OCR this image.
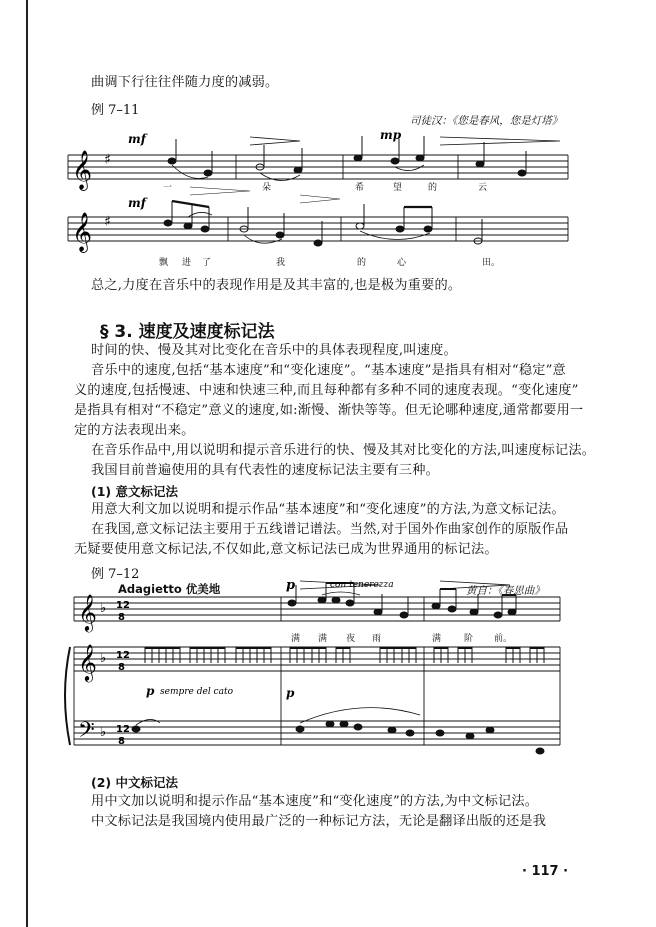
曲调下行往往伴随力度的减弱。
例 7–11
司徒汉：《您是春风，您是灯塔》
𝄞
𝄞
♯
♯
mf	mp
mf
一	朵	希	望	的	云
飘 进 了	我	的	心	田。
总之,力度在音乐中的表现作用是及其丰富的,也是极为重要的。
§ 3. 速度及速度标记法
时间的快、慢及其对比变化在音乐中的具体表现程度,叫速度。
音乐中的速度,包括“基本速度”和“变化速度”。“基本速度”是指具有相对“稳定”意
义的速度,包括慢速、中速和快速三种,而且每种都有多种不同的速度表现。“变化速度”
是指具有相对“不稳定”意义的速度,如:渐慢、渐快等等。但无论哪种速度,通常都要用一
定的方法表现出来。
在音乐作品中,用以说明和提示音乐进行的快、慢及其对比变化的方法,叫速度标记法。
我国目前普遍使用的具有代表性的速度标记法主要有三种。
(1) 意文标记法
用意大利文加以说明和提示作品“基本速度”和“变化速度”的方法,为意文标记法。
在我国,意文标记法主要用于五线谱记谱法。当然,对于国外作曲家创作的原版作品
无疑要使用意文标记法,不仅如此,意文标记法已成为世界通用的标记法。
例 7–12
Adagietto 优美地	黄自：《春思曲》
𝄞
𝄞
𝄢
♭
♭
♭
12
8
12
8
12
8
p	con tenerezza
p sempre del cato	p
满 满 夜 雨	满	阶 前。
(2) 中文标记法
用中文加以说明和提示作品“基本速度”和“变化速度”的方法,为中文标记法。
中文标记法是我国境内使用最广泛的一种标记方法，无论是翻译出版的还是我
· 117 ·
